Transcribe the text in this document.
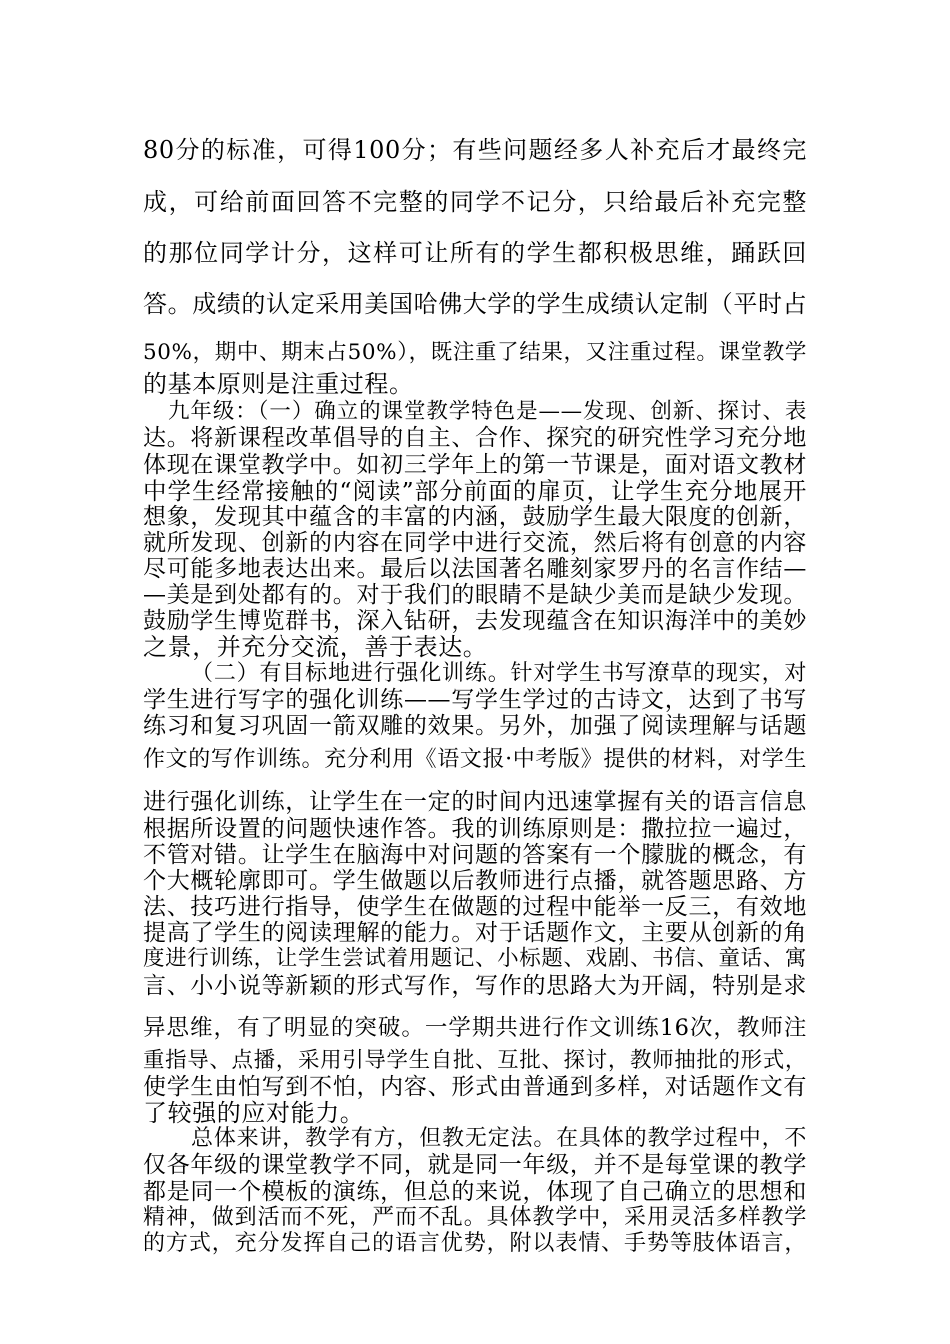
80分的标准，可得100分；有些问题经多人补充后才最终完
成，可给前面回答不完整的同学不记分，只给最后补充完整
的那位同学计分，这样可让所有的学生都积极思维，踊跃回
答。成绩的认定采用美国哈佛大学的学生成绩认定制（平时占
50%，期中、期末占50%），既注重了结果，又注重过程。课堂教学
的基本原则是注重过程。
九年级：（一）确立的课堂教学特色是——发现、创新、探讨、表
达。将新课程改革倡导的自主、合作、探究的研究性学习充分地
体现在课堂教学中。如初三学年上的第一节课是，面对语文教材
中学生经常接触的“阅读”部分前面的扉页，让学生充分地展开
想象，发现其中蕴含的丰富的内涵，鼓励学生最大限度的创新，
就所发现、创新的内容在同学中进行交流，然后将有创意的内容
尽可能多地表达出来。最后以法国著名雕刻家罗丹的名言作结—
—美是到处都有的。对于我们的眼睛不是缺少美而是缺少发现。
鼓励学生博览群书，深入钻研，去发现蕴含在知识海洋中的美妙
之景，并充分交流，善于表达。
（二）有目标地进行强化训练。针对学生书写潦草的现实，对
学生进行写字的强化训练——写学生学过的古诗文，达到了书写
练习和复习巩固一箭双雕的效果。另外，加强了阅读理解与话题
作文的写作训练。充分利用《语文报·中考版》提供的材料，对学生
进行强化训练，让学生在一定的时间内迅速掌握有关的语言信息
根据所设置的问题快速作答。我的训练原则是：撒拉拉一遍过，
不管对错。让学生在脑海中对问题的答案有一个朦胧的概念，有
个大概轮廓即可。学生做题以后教师进行点播，就答题思路、方
法、技巧进行指导，使学生在做题的过程中能举一反三，有效地
提高了学生的阅读理解的能力。对于话题作文，主要从创新的角
度进行训练，让学生尝试着用题记、小标题、戏剧、书信、童话、寓
言、小小说等新颖的形式写作，写作的思路大为开阔，特别是求
异思维，有了明显的突破。一学期共进行作文训练16次，教师注
重指导、点播，采用引导学生自批、互批、探讨，教师抽批的形式，
使学生由怕写到不怕，内容、形式由普通到多样，对话题作文有
了较强的应对能力。
总体来讲，教学有方，但教无定法。在具体的教学过程中，不
仅各年级的课堂教学不同，就是同一年级，并不是每堂课的教学
都是同一个模板的演练，但总的来说，体现了自己确立的思想和
精神，做到活而不死，严而不乱。具体教学中，采用灵活多样教学
的方式，充分发挥自己的语言优势，附以表情、手势等肢体语言，
